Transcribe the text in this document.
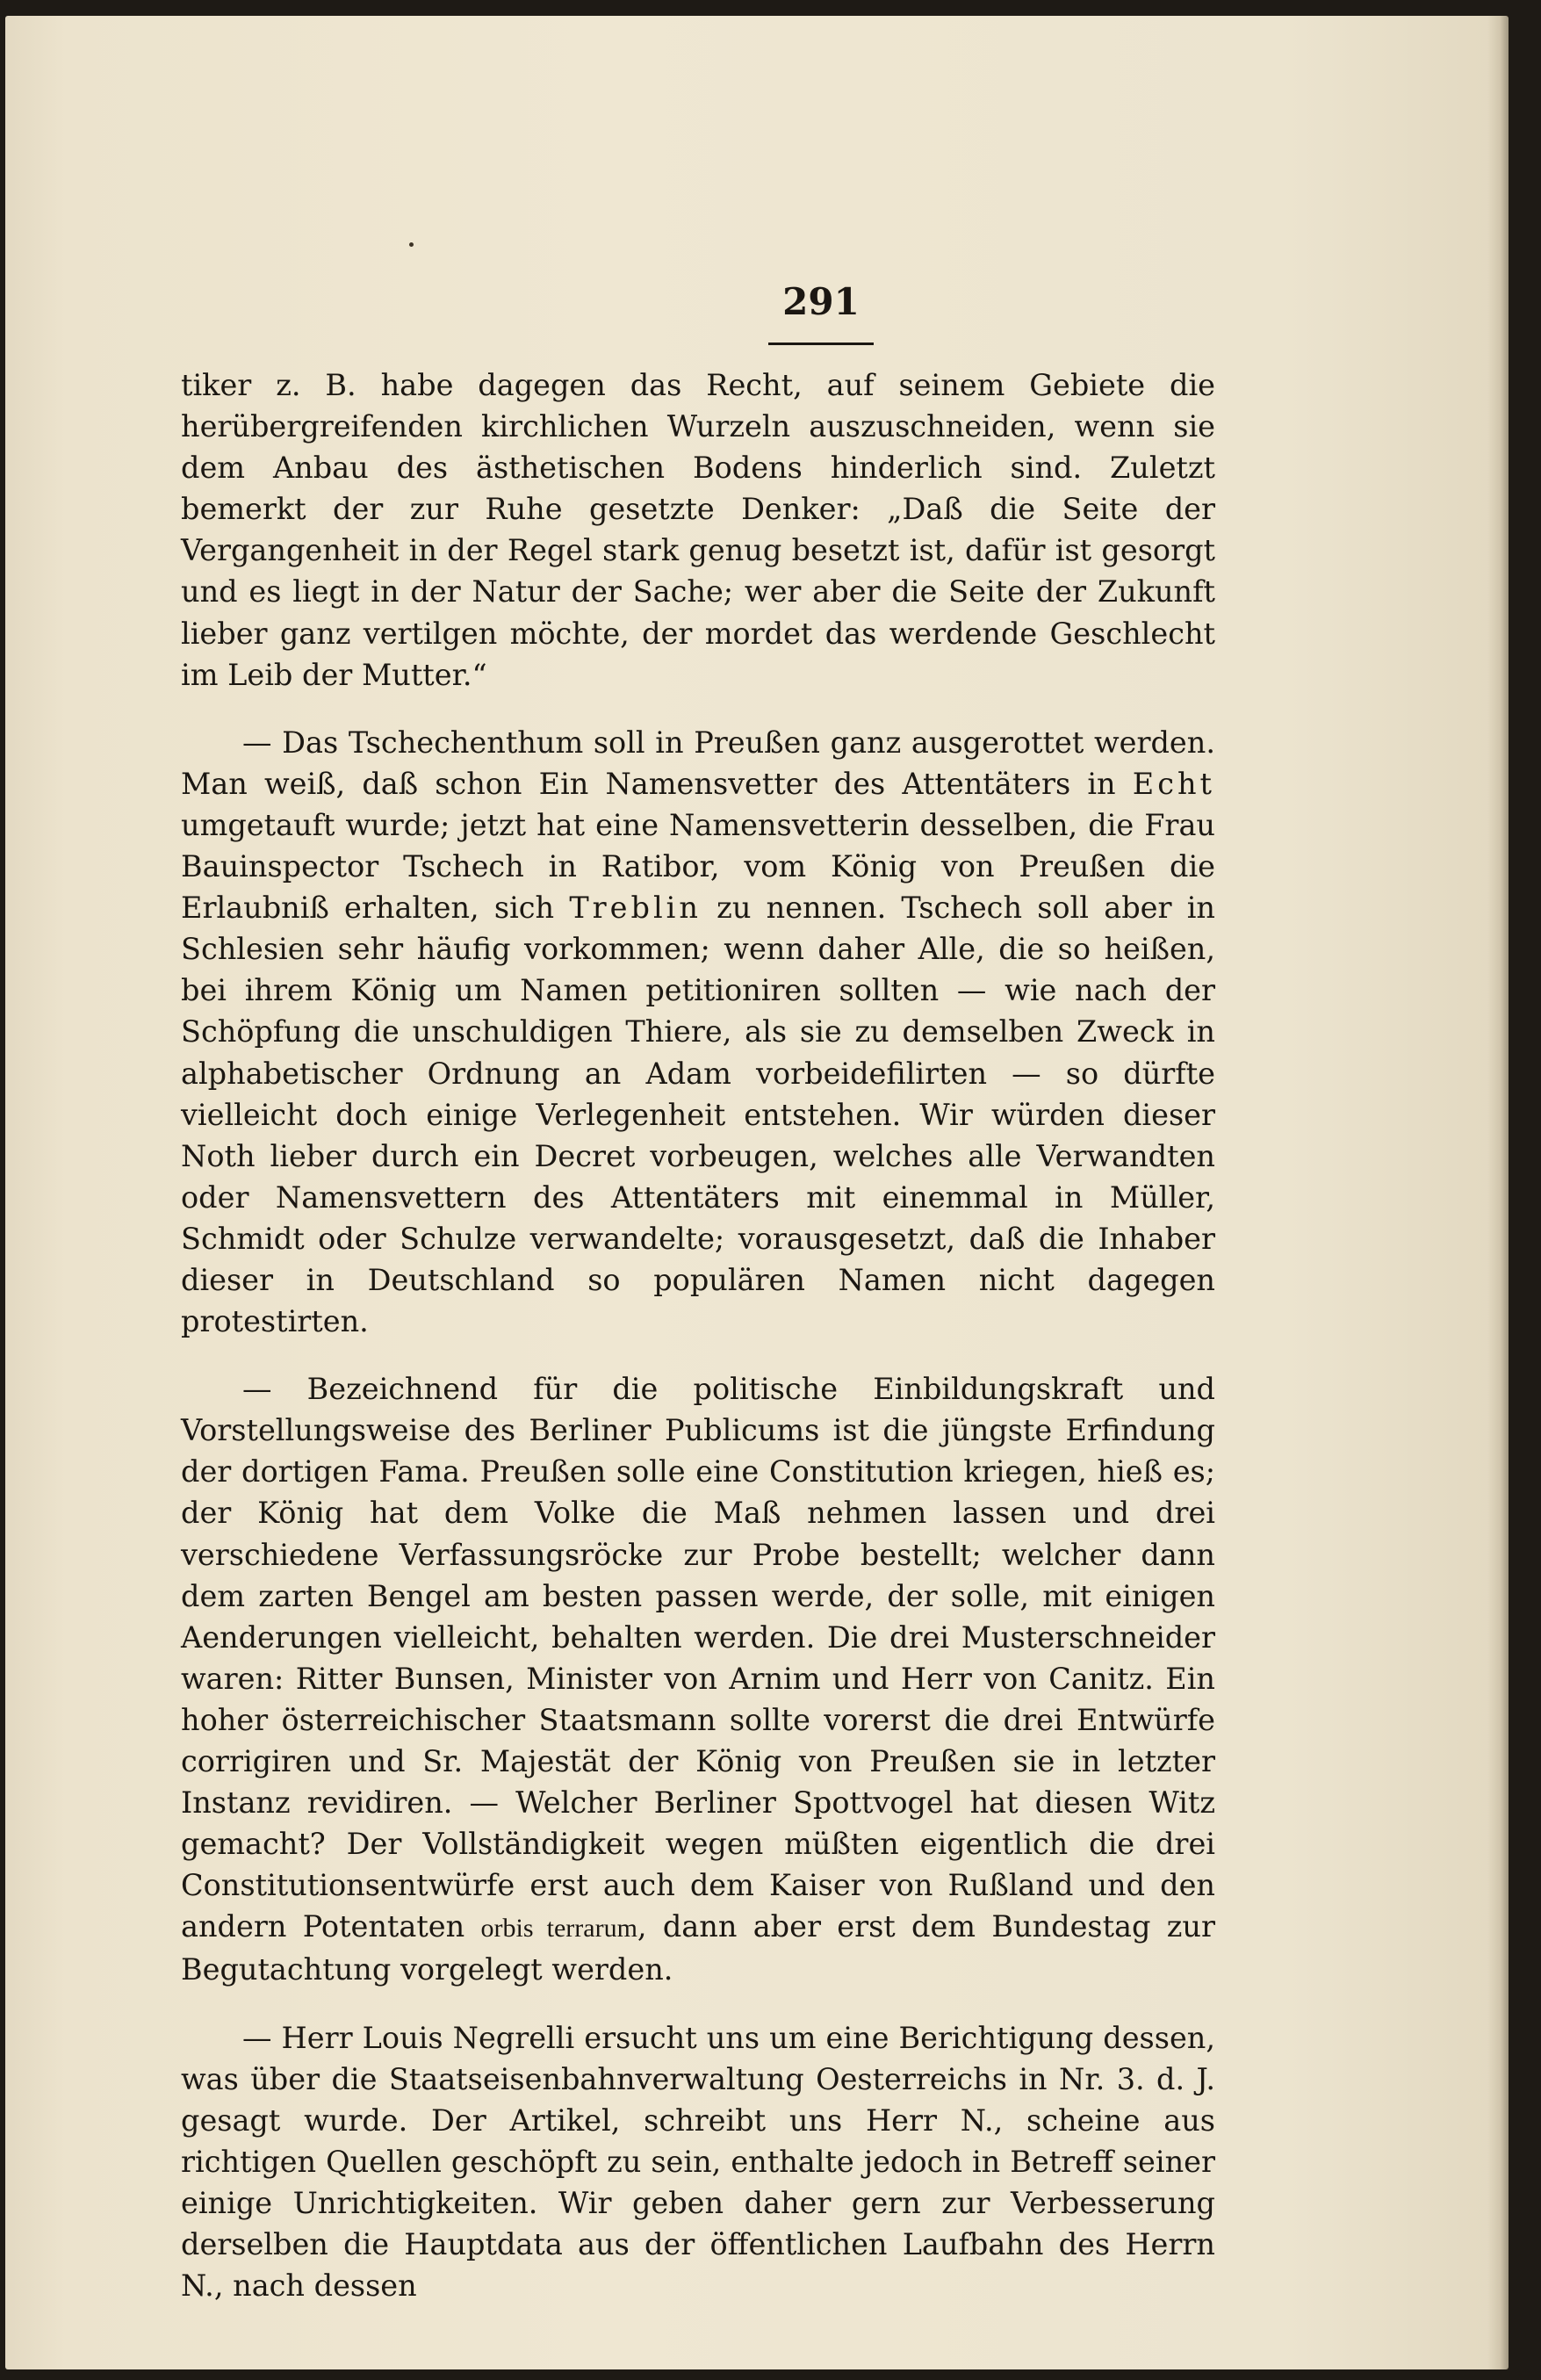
291

tiker z. B. habe dagegen das Recht, auf seinem Gebiete die herübergreifenden kirchlichen Wurzeln auszuschneiden, wenn sie dem Anbau des ästhetischen Bodens hinderlich sind. Zuletzt bemerkt der zur Ruhe gesetzte Denker: „Daß die Seite der Vergangenheit in der Regel stark genug besetzt ist, dafür ist gesorgt und es liegt in der Natur der Sache; wer aber die Seite der Zukunft lieber ganz vertilgen möchte, der mordet das werdende Geschlecht im Leib der Mutter.“

— Das Tschechenthum soll in Preußen ganz ausgerottet werden. Man weiß, daß schon Ein Namensvetter des Attentäters in Echt umgetauft wurde; jetzt hat eine Namensvetterin desselben, die Frau Bauinspector Tschech in Ratibor, vom König von Preußen die Erlaubniß erhalten, sich Treblin zu nennen. Tschech soll aber in Schlesien sehr häufig vorkommen; wenn daher Alle, die so heißen, bei ihrem König um Namen petitioniren sollten — wie nach der Schöpfung die unschuldigen Thiere, als sie zu demselben Zweck in alphabetischer Ordnung an Adam vorbeidefilirten — so dürfte vielleicht doch einige Verlegenheit entstehen. Wir würden dieser Noth lieber durch ein Decret vorbeugen, welches alle Verwandten oder Namensvettern des Attentäters mit einemmal in Müller, Schmidt oder Schulze verwandelte; vorausgesetzt, daß die Inhaber dieser in Deutschland so populären Namen nicht dagegen protestirten.

— Bezeichnend für die politische Einbildungskraft und Vorstellungsweise des Berliner Publicums ist die jüngste Erfindung der dortigen Fama. Preußen solle eine Constitution kriegen, hieß es; der König hat dem Volke die Maß nehmen lassen und drei verschiedene Verfassungsröcke zur Probe bestellt; welcher dann dem zarten Bengel am besten passen werde, der solle, mit einigen Aenderungen vielleicht, behalten werden. Die drei Musterschneider waren: Ritter Bunsen, Minister von Arnim und Herr von Canitz. Ein hoher österreichischer Staatsmann sollte vorerst die drei Entwürfe corrigiren und Sr. Majestät der König von Preußen sie in letzter Instanz revidiren. — Welcher Berliner Spottvogel hat diesen Witz gemacht? Der Vollständigkeit wegen müßten eigentlich die drei Constitutionsentwürfe erst auch dem Kaiser von Rußland und den andern Potentaten orbis terrarum, dann aber erst dem Bundestag zur Begutachtung vorgelegt werden.

— Herr Louis Negrelli ersucht uns um eine Berichtigung dessen, was über die Staatseisenbahnverwaltung Oesterreichs in Nr. 3. d. J. gesagt wurde. Der Artikel, schreibt uns Herr N., scheine aus richtigen Quellen geschöpft zu sein, enthalte jedoch in Betreff seiner einige Unrichtigkeiten. Wir geben daher gern zur Verbesserung derselben die Hauptdata aus der öffentlichen Laufbahn des Herrn N., nach dessen
